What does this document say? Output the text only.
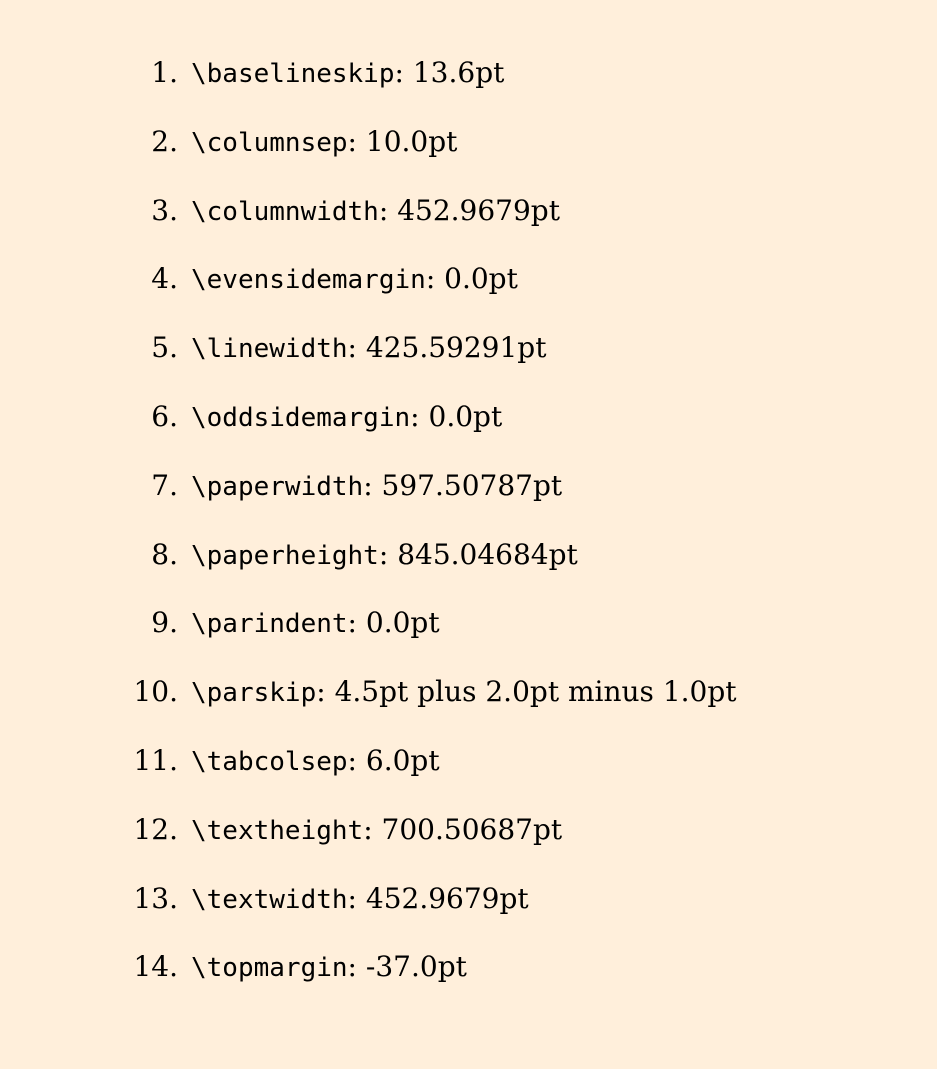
1. \baselineskip: 13.6pt
2. \columnsep: 10.0pt
3. \columnwidth: 452.9679pt
4. \evensidemargin: 0.0pt
5. \linewidth: 425.59291pt
6. \oddsidemargin: 0.0pt
7. \paperwidth: 597.50787pt
8. \paperheight: 845.04684pt
9. \parindent: 0.0pt
10. \parskip: 4.5pt plus 2.0pt minus 1.0pt
11. \tabcolsep: 6.0pt
12. \textheight: 700.50687pt
13. \textwidth: 452.9679pt
14. \topmargin: -37.0pt
